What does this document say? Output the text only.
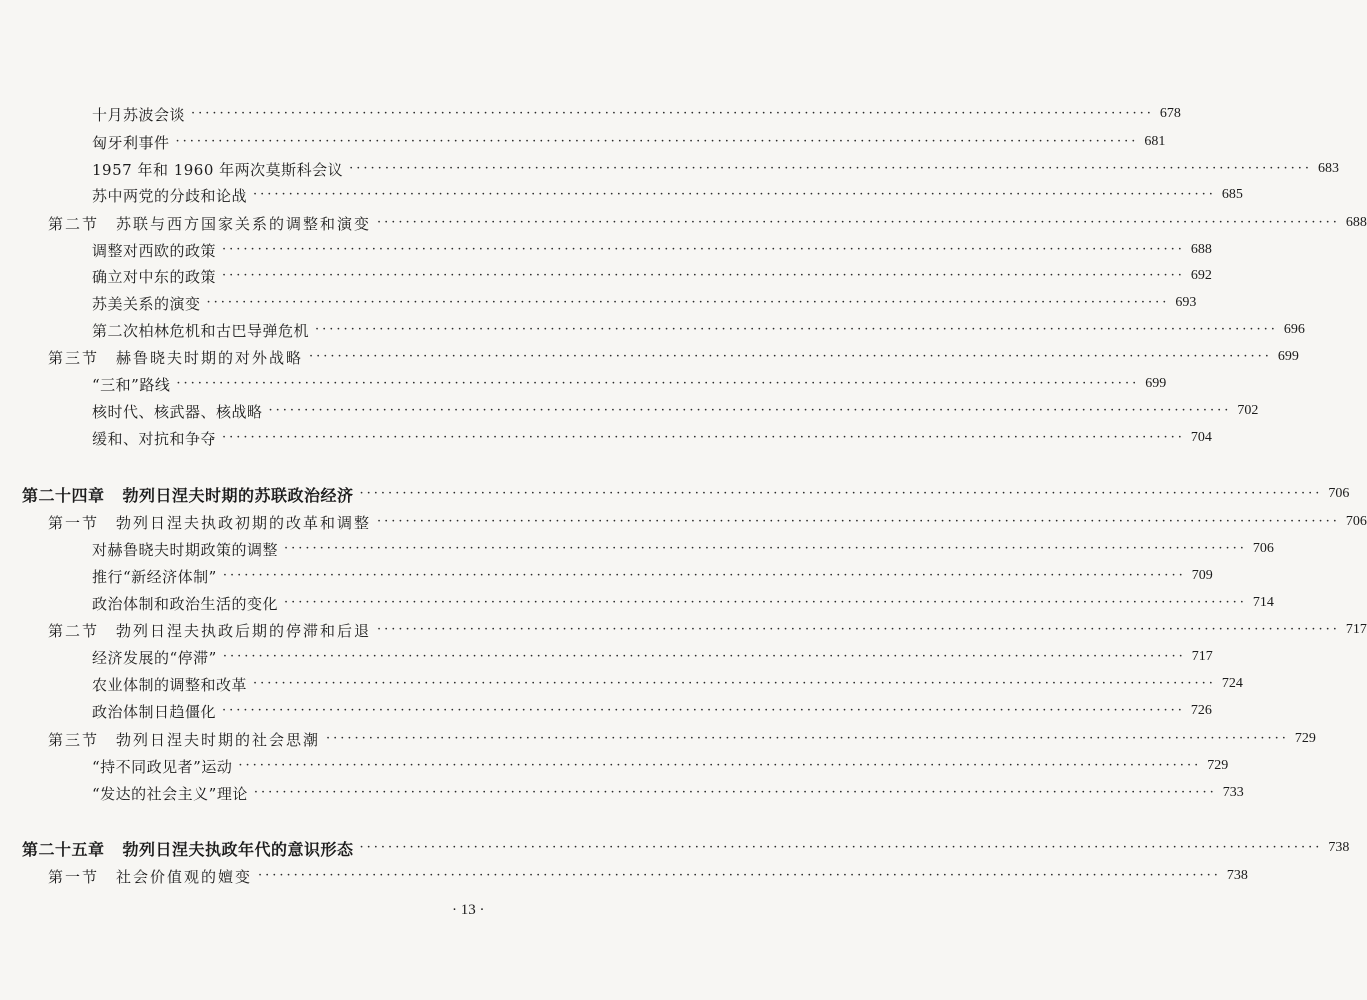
十月苏波会谈 ·····	678
匈牙利事件 ·····	681
1957 年和 1960 年两次莫斯科会议 ·····	683
苏中两党的分歧和论战 ·····	685
第二节 苏联与西方国家关系的调整和演变 ·····	688
调整对西欧的政策 ·····	688
确立对中东的政策 ·····	692
苏美关系的演变 ·····	693
第二次柏林危机和古巴导弹危机 ·····	696
第三节 赫鲁晓夫时期的对外战略 ·····	699
“三和”路线 ·····	699
核时代、核武器、核战略 ·····	702
缓和、对抗和争夺 ·····	704
第二十四章 勃列日涅夫时期的苏联政治经济 ·····	706
第一节 勃列日涅夫执政初期的改革和调整 ·····	706
对赫鲁晓夫时期政策的调整 ·····	706
推行“新经济体制” ·····	709
政治体制和政治生活的变化 ·····	714
第二节 勃列日涅夫执政后期的停滞和后退 ·····	717
经济发展的“停滞” ·····	717
农业体制的调整和改革 ·····	724
政治体制日趋僵化 ·····	726
第三节 勃列日涅夫时期的社会思潮 ·····	729
“持不同政见者”运动 ·····	729
“发达的社会主义”理论 ·····	733
第二十五章 勃列日涅夫执政年代的意识形态 ·····	738
第一节 社会价值观的嬗变 ·····	738
· 13 ·
